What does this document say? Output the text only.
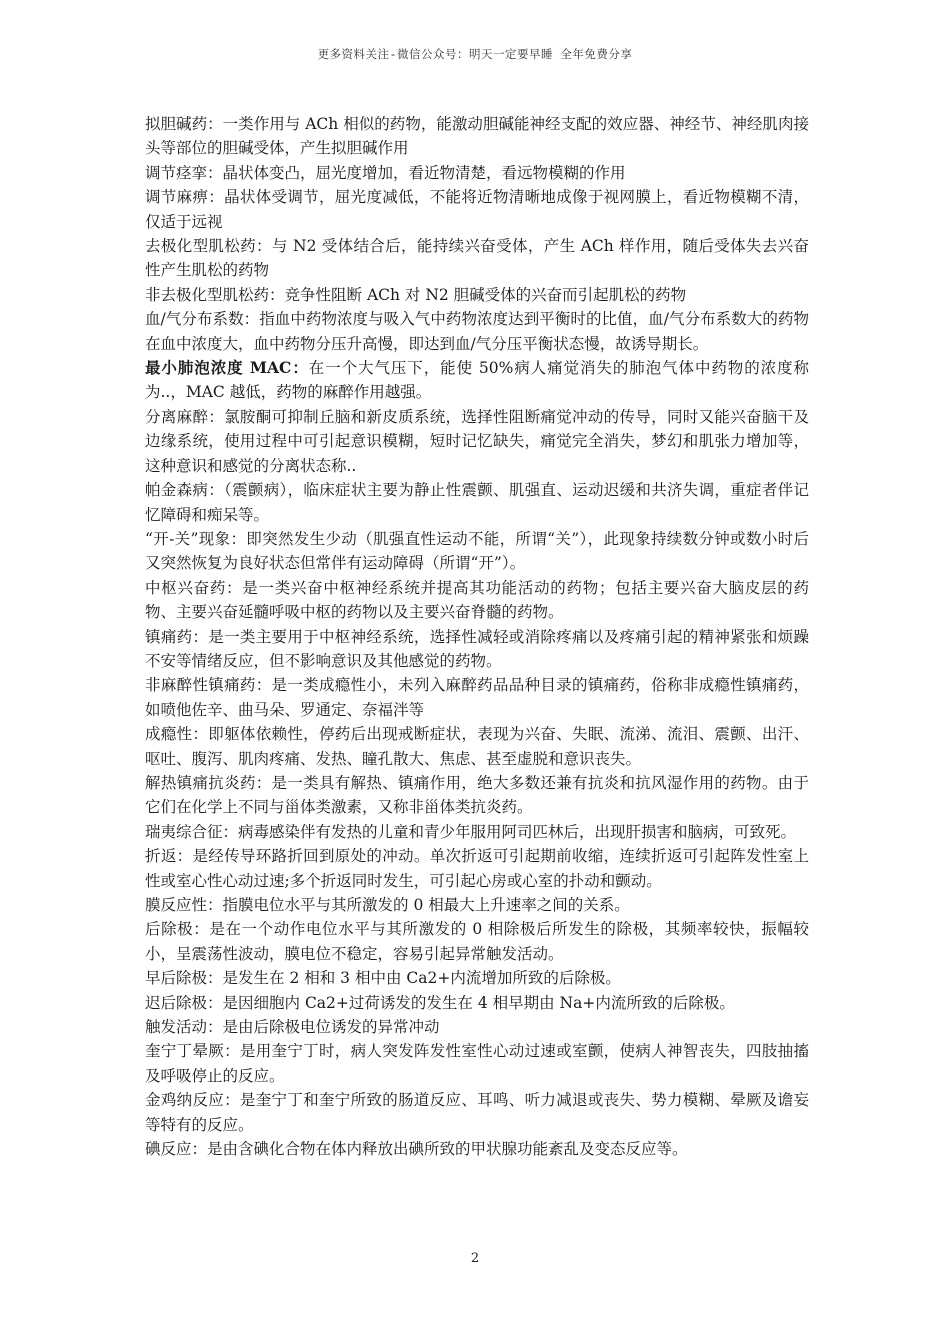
更多资料关注-微信公众号：明天一定要早睡 全年免费分享

拟胆碱药：一类作用与 ACh 相似的药物，能激动胆碱能神经支配的效应器、神经节、神经肌肉接头等部位的胆碱受体，产生拟胆碱作用

调节痉挛：晶状体变凸，屈光度增加，看近物清楚，看远物模糊的作用

调节麻痹：晶状体受调节，屈光度减低，不能将近物清晰地成像于视网膜上，看近物模糊不清，仅适于远视

去极化型肌松药：与 N2 受体结合后，能持续兴奋受体，产生 ACh 样作用，随后受体失去兴奋性产生肌松的药物

非去极化型肌松药：竞争性阻断 ACh 对 N2 胆碱受体的兴奋而引起肌松的药物

血/气分布系数：指血中药物浓度与吸入气中药物浓度达到平衡时的比值，血/气分布系数大的药物在血中浓度大，血中药物分压升高慢，即达到血/气分压平衡状态慢，故诱导期长。

最小肺泡浓度 MAC：在一个大气压下，能使 50%病人痛觉消失的肺泡气体中药物的浓度称为..，MAC 越低，药物的麻醉作用越强。

分离麻醉：氯胺酮可抑制丘脑和新皮质系统，选择性阻断痛觉冲动的传导，同时又能兴奋脑干及边缘系统，使用过程中可引起意识模糊，短时记忆缺失，痛觉完全消失，梦幻和肌张力增加等，这种意识和感觉的分离状态称..

帕金森病：（震颤病），临床症状主要为静止性震颤、肌强直、运动迟缓和共济失调，重症者伴记忆障碍和痴呆等。

“开-关”现象：即突然发生少动（肌强直性运动不能，所谓“关”），此现象持续数分钟或数小时后又突然恢复为良好状态但常伴有运动障碍（所谓“开”）。

中枢兴奋药：是一类兴奋中枢神经系统并提高其功能活动的药物；包括主要兴奋大脑皮层的药物、主要兴奋延髓呼吸中枢的药物以及主要兴奋脊髓的药物。

镇痛药：是一类主要用于中枢神经系统，选择性减轻或消除疼痛以及疼痛引起的精神紧张和烦躁不安等情绪反应，但不影响意识及其他感觉的药物。

非麻醉性镇痛药：是一类成瘾性小，未列入麻醉药品品种目录的镇痛药，俗称非成瘾性镇痛药，如喷他佐辛、曲马朵、罗通定、奈福泮等

成瘾性：即躯体依赖性，停药后出现戒断症状，表现为兴奋、失眠、流涕、流泪、震颤、出汗、呕吐、腹泻、肌肉疼痛、发热、瞳孔散大、焦虑、甚至虚脱和意识丧失。

解热镇痛抗炎药：是一类具有解热、镇痛作用，绝大多数还兼有抗炎和抗风湿作用的药物。由于它们在化学上不同与甾体类激素，又称非甾体类抗炎药。

瑞夷综合征：病毒感染伴有发热的儿童和青少年服用阿司匹林后，出现肝损害和脑病，可致死。

折返：是经传导环路折回到原处的冲动。单次折返可引起期前收缩，连续折返可引起阵发性室上性或室心性心动过速;多个折返同时发生，可引起心房或心室的扑动和颤动。

膜反应性：指膜电位水平与其所激发的 0 相最大上升速率之间的关系。

后除极：是在一个动作电位水平与其所激发的 0 相除极后所发生的除极，其频率较快，振幅较小，呈震荡性波动，膜电位不稳定，容易引起异常触发活动。

早后除极：是发生在 2 相和 3 相中由 Ca2+内流增加所致的后除极。

迟后除极：是因细胞内 Ca2+过荷诱发的发生在 4 相早期由 Na+内流所致的后除极。

触发活动：是由后除极电位诱发的异常冲动

奎宁丁晕厥：是用奎宁丁时，病人突发阵发性室性心动过速或室颤，使病人神智丧失，四肢抽搐及呼吸停止的反应。

金鸡纳反应：是奎宁丁和奎宁所致的肠道反应、耳鸣、听力减退或丧失、势力模糊、晕厥及谵妄等特有的反应。

碘反应：是由含碘化合物在体内释放出碘所致的甲状腺功能紊乱及变态反应等。

2
